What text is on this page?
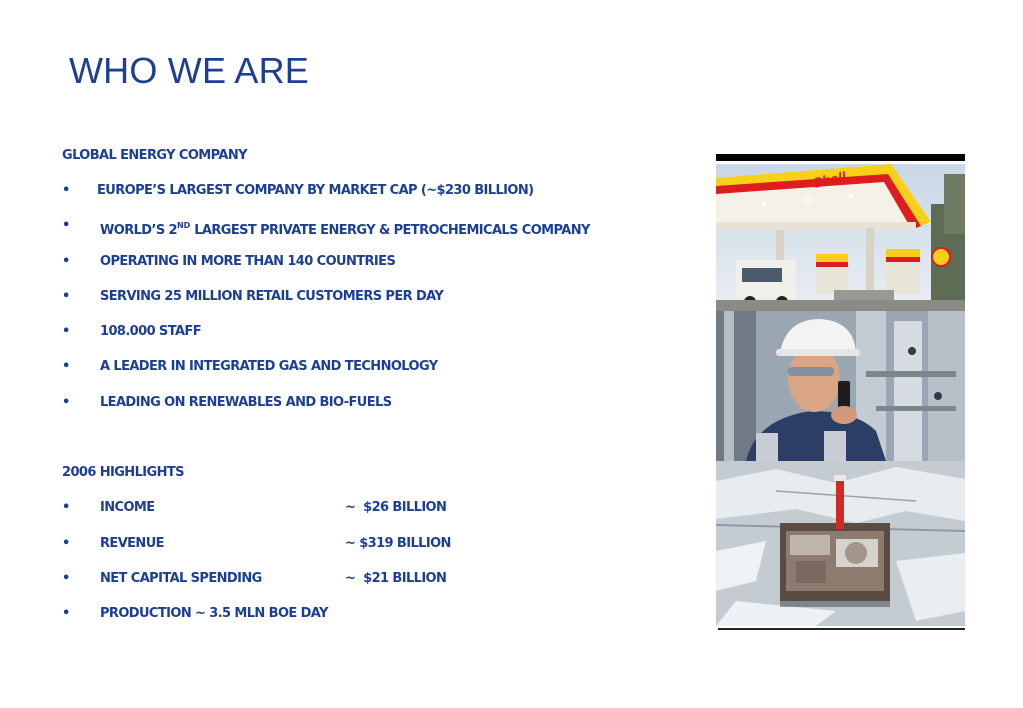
WHO WE ARE
GLOBAL ENERGY COMPANY
• EUROPE’S LARGEST COMPANY BY MARKET CAP (~$230 BILLION)
• WORLD’S 2ND LARGEST PRIVATE ENERGY & PETROCHEMICALS COMPANY
• OPERATING IN MORE THAN 140 COUNTRIES
• SERVING 25 MILLION RETAIL CUSTOMERS PER DAY
• 108.000 STAFF
• A LEADER IN INTEGRATED GAS AND TECHNOLOGY
• LEADING ON RENEWABLES AND BIO-FUELS
2006 HIGHLIGHTS
• INCOME	~  $26 BILLION
• REVENUE	~ $319 BILLION
• NET CAPITAL SPENDING	~  $21 BILLION
• PRODUCTION ~ 3.5 MLN BOE DAY
Shell
